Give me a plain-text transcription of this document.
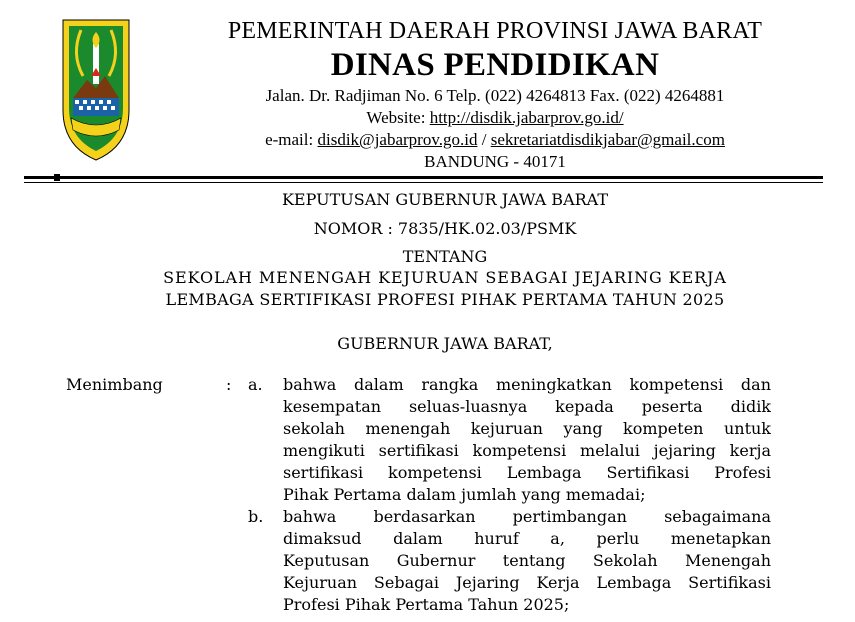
PEMERINTAH DAERAH PROVINSI JAWA BARAT
DINAS PENDIDIKAN
Jalan. Dr. Radjiman No. 6 Telp. (022) 4264813 Fax. (022) 4264881
Website: http://disdik.jabarprov.go.id/
e-mail: disdik@jabarprov.go.id / sekretariatdisdikjabar@gmail.com
BANDUNG - 40171
KEPUTUSAN GUBERNUR JAWA BARAT
NOMOR : 7835/HK.02.03/PSMK
TENTANG
SEKOLAH MENENGAH KEJURUAN SEBAGAI JEJARING KERJA
LEMBAGA SERTIFIKASI PROFESI PIHAK PERTAMA TAHUN 2025
GUBERNUR JAWA BARAT,
Menimbang	: a. bahwa dalam rangka meningkatkan kompetensi dan
kesempatan seluas-luasnya kepada peserta didik
sekolah menengah kejuruan yang kompeten untuk
mengikuti sertifikasi kompetensi melalui jejaring kerja
sertifikasi kompetensi Lembaga Sertifikasi Profesi
Pihak Pertama dalam jumlah yang memadai;
b. bahwa berdasarkan pertimbangan sebagaimana
dimaksud dalam huruf a, perlu menetapkan
Keputusan Gubernur tentang Sekolah Menengah
Kejuruan Sebagai Jejaring Kerja Lembaga Sertifikasi
Profesi Pihak Pertama Tahun 2025;
